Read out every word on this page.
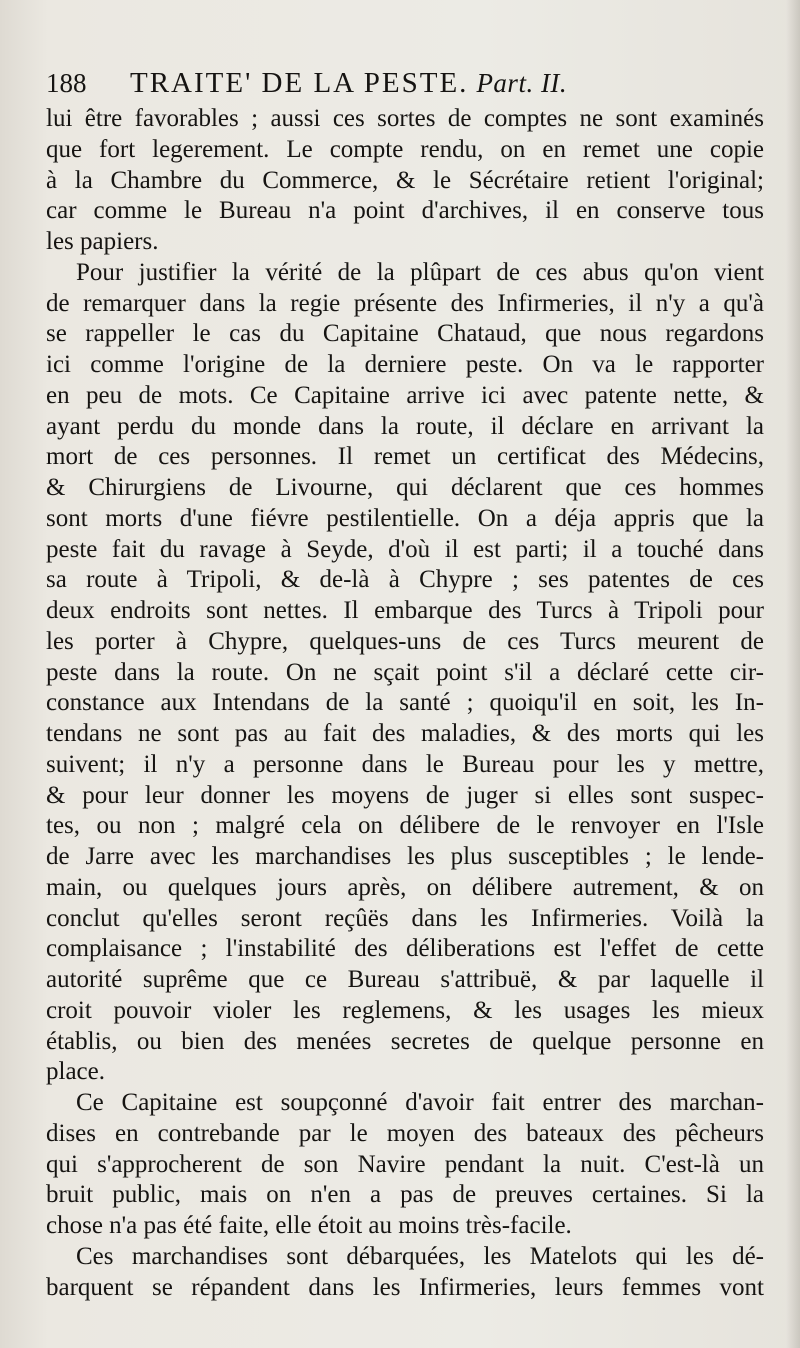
188	TRAITE' DE LA PESTE. Part. II.
lui être favorables ; aussi ces sortes de comptes ne sont examinés
que fort legerement. Le compte rendu, on en remet une copie
à la Chambre du Commerce, & le Sécrétaire retient l'original;
car comme le Bureau n'a point d'archives, il en conserve tous
les papiers.
Pour justifier la vérité de la plûpart de ces abus qu'on vient
de remarquer dans la regie présente des Infirmeries, il n'y a qu'à
se rappeller le cas du Capitaine Chataud, que nous regardons
ici comme l'origine de la derniere peste. On va le rapporter
en peu de mots. Ce Capitaine arrive ici avec patente nette, &
ayant perdu du monde dans la route, il déclare en arrivant la
mort de ces personnes. Il remet un certificat des Médecins,
& Chirurgiens de Livourne, qui déclarent que ces hommes
sont morts d'une fiévre pestilentielle. On a déja appris que la
peste fait du ravage à Seyde, d'où il est parti; il a touché dans
sa route à Tripoli, & de-là à Chypre ; ses patentes de ces
deux endroits sont nettes. Il embarque des Turcs à Tripoli pour
les porter à Chypre, quelques-uns de ces Turcs meurent de
peste dans la route. On ne sçait point s'il a déclaré cette cir-
constance aux Intendans de la santé ; quoiqu'il en soit, les In-
tendans ne sont pas au fait des maladies, & des morts qui les
suivent; il n'y a personne dans le Bureau pour les y mettre,
& pour leur donner les moyens de juger si elles sont suspec-
tes, ou non ; malgré cela on délibere de le renvoyer en l'Isle
de Jarre avec les marchandises les plus susceptibles ; le lende-
main, ou quelques jours après, on délibere autrement, & on
conclut qu'elles seront reçûës dans les Infirmeries. Voilà la
complaisance ; l'instabilité des déliberations est l'effet de cette
autorité suprême que ce Bureau s'attribuë, & par laquelle il
croit pouvoir violer les reglemens, & les usages les mieux
établis, ou bien des menées secretes de quelque personne en
place.
Ce Capitaine est soupçonné d'avoir fait entrer des marchan-
dises en contrebande par le moyen des bateaux des pêcheurs
qui s'approcherent de son Navire pendant la nuit. C'est-là un
bruit public, mais on n'en a pas de preuves certaines. Si la
chose n'a pas été faite, elle étoit au moins très-facile.
Ces marchandises sont débarquées, les Matelots qui les dé-
barquent se répandent dans les Infirmeries, leurs femmes vont
